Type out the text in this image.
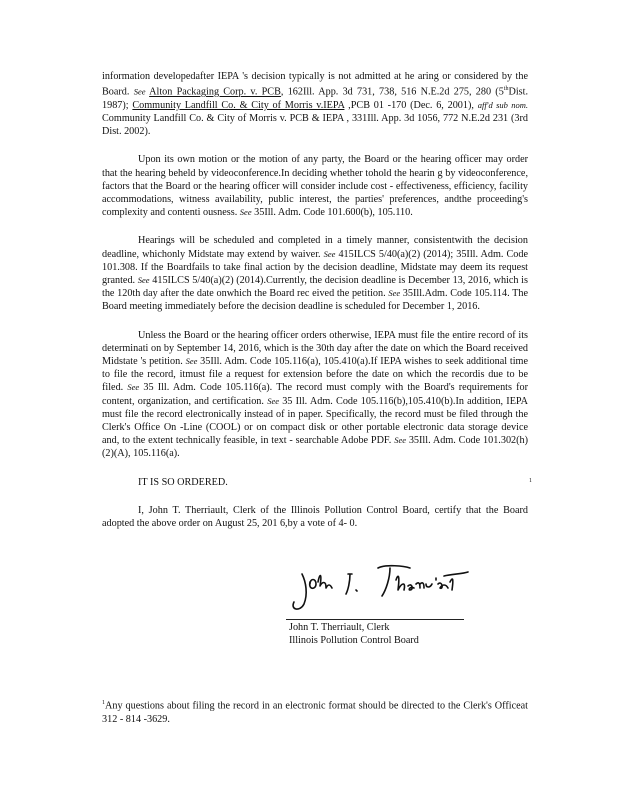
information developedafter IEPA 's decision typically is not admitted at he aring or considered by the Board. See Alton Packaging Corp. v. PCB, 162Ill. App. 3d 731, 738, 516 N.E.2d 275, 280 (5thDist. 1987); Community Landfill Co. & City of Morris v.IEPA ,PCB 01 -170 (Dec. 6, 2001), aff'd sub nom. Community Landfill Co. & City of Morris v. PCB & IEPA , 331Ill. App. 3d 1056, 772 N.E.2d 231 (3rd Dist. 2002).

Upon its own motion or the motion of any party, the Board or the hearing officer may order that the hearing beheld by videoconference.In deciding whether tohold the hearin g by videoconference, factors that the Board or the hearing officer will consider include cost - effectiveness, efficiency, facility accommodations, witness availability, public interest, the parties' preferences, andthe proceeding's complexity and contenti ousness. See 35Ill. Adm. Code 101.600(b), 105.110.

Hearings will be scheduled and completed in a timely manner, consistentwith the decision deadline, whichonly Midstate may extend by waiver. See 415ILCS 5/40(a)(2) (2014); 35Ill. Adm. Code 101.308. If the Boardfails to take final action by the decision deadline, Midstate may deem its request granted. See 415ILCS 5/40(a)(2) (2014).Currently, the decision deadline is December 13, 2016, which is the 120th day after the date onwhich the Board rec eived the petition. See 35Ill.Adm. Code 105.114. The Board meeting immediately before the decision deadline is scheduled for December 1, 2016.

Unless the Board or the hearing officer orders otherwise, IEPA must file the entire record of its determinati on by September 14, 2016, which is the 30th day after the date on which the Board received Midstate 's petition. See 35Ill. Adm. Code 105.116(a), 105.410(a).If IEPA wishes to seek additional time to file the record, itmust file a request for extension before the date on which the recordis due to be filed. See 35 Ill. Adm. Code 105.116(a). The record must comply with the Board's requirements for content, organization, and certification. See 35 Ill. Adm. Code 105.116(b),105.410(b).In addition, IEPA must file the record electronically instead of in paper. Specifically, the record must be filed through the Clerk's Office On -Line (COOL) or on compact disk or other portable electronic data storage device and, to the extent technically feasible, in text - searchable Adobe PDF. See 35Ill. Adm. Code 101.302(h)(2)(A), 105.116(a).

IT IS SO ORDERED.

I, John T. Therriault, Clerk of the Illinois Pollution Control Board, certify that the Board adopted the above order on August 25, 201 6,by a vote of 4- 0.

1
John T. Therriault, Clerk
Illinois Pollution Control Board
$^1$Any questions about filing the record in an electronic format should be directed to the Clerk's Officeat 312 - 814 -3629.
